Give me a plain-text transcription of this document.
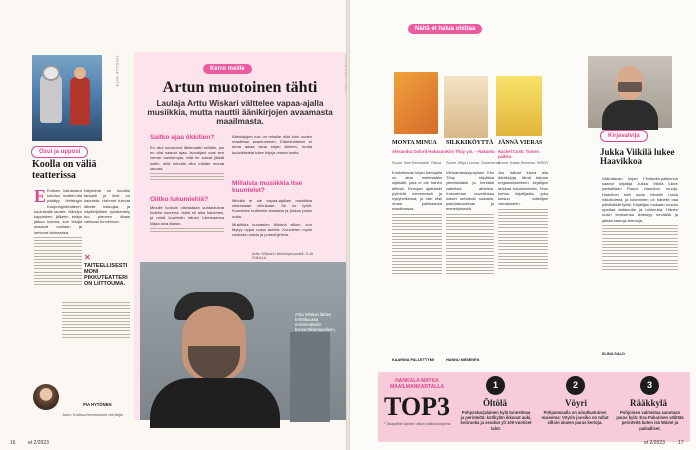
Osui ja upposi
Koolla on väliä teatterissa
E Entisen lukiolaisen kotoisa teatteri-ilta päättyy Helsingin Kaupunginteatterin kuuluisalle lavalle. Nähdyn kappaleen jälkeen esitys jatkuu kotona, kun tekijät avaavat rooliaan ja kertovat tarinaansa.
Näytelmä on kuvattu tarkasti ja kieli on kaunista. Hahmot tulevat lähelle katsojaa, ja näyttelijöiden työskentely tuo pieneen tilaan valtavan tunnelman.
✕ TAITEELLISESTI MONI PIKKUTEATTERI ON LIITTOUMA.
PIA HYTÖNEN
Juttu: Kulttuuriseminaarin vierailija
TOISILLE MITÄ	Kerro meille
Artun muotoinen tähti
Laulaja Arttu Wiskari välttelee vapaa-ajalla musiikkia, mutta nauttii äänikirjojen avaamasta maailmasta.
Saitko ajaa ökkitien?
En ollut suostunut lähtemään mökille, jos en olisi saanut ajaa. Isovaljani ovat sen verran vanhempia, että he saivat jäädä kotiin, eikä minulla ollut mitään muuta seuraa.
Olitko lukumiehiä?
Minulle luokuin oikeastaan suhtautuivat todella nuorena. Isäni oli aika lukumies, ja minä kuuntelin hänen lukemaansa kirjaa aina iltaisin.
Äänikirjojen tulo on minulle ollut kuin uuden maailman avautuminen. Elämäntilanne ei anna aikaa istua kirjan ääreen, mutta kuulokkeista tulee kirjoja monta tuntia.
Millaista musiikkia itse kuuntelet?
Minulla ei ole vapaa-ajallani musiikkia oikeastaan ollenkaan. Se on työtä. Kuuntelen kuitenkin klassista ja joskus jotain uutta.
Musiikkia kuuntelen lähinnä silloin, kun täytyy oppia uusia asioita. Kuuntelen myös radiosta uutisia ja puheohjelmia.
Arttu Wiskarin äänikirjasuosikit: ILJA SIIKALA
Arttu Wiskari lähtee helmikuussa ensimmäiselle konserttikiertueelleen.
16 et 2/2023
Näitä et halua ohittaa
MONTA MINUA
Alexandra Oxford Hakasuo
Suom. Sari Karhulahti. Otava
Koskettavan kirjan kertojalla on aina mielessään sijaisäiti, joka ei ole hänen äitinsä. Kertojan ajatukset pyörivät menneessä ja nykyhetkessä, ja hän etsii omaa paikkaansa maailmassa.
KAARINA PALLETTYMI
SILKKIKÖYTTÄ
Kim Thúy ym. – Rakastu
Suom. Mirja Luoma. Gummerus
Vietnamilaissyntyinen Kim Thúy kirjoittaa ytimekkäästi ja herkästi vaikeista aiheista. Kokoelman novelleissa naiset selviävät sodasta, pakolaisuudesta ja menetyksestä.
HANNU NIEMINEN
JÄNNÄ VIERAS
Rachel Cusk: Toinen paikka
Suom. Kaisa Sivenius. WSOY
Jos haluat lukea alla äänikirjoja, tämä tarjoaa englanninkielisen kirjailijan tarkkaa havainnointia. Teos kertoo kirjailijasta, joka kutsuu taiteilijan vieraakseen.
Kirjavalvija
Jukka Viikilä lukee Haavikkoa
Vaikuttavan kirjan Finlandia-palkinnon saanut kirjailija Jukka Viikilä lukee parhaillaan Paavo Haavikon runoja. Haavikon kieli avaa hänelle uusia näkökulmia, ja lukeminen on hänelle osa päivittäistä työtä. Kirjailijan mukaan runous opettaa tarkkuutta ja rohkeutta. Hänen uusin teoksensa ilmestyy keväällä ja jatkaa samoja teemoja.
ELINA SALO
HANKALA MATKA MAAILMANKARTALLA
TOP3
* Tasapelille kahden viikon kulttuuriohjelma
1
Öltölä
Pohjoiskarjalainen kylä tunnelmaa ja perinteitä: kotikylän ikkunat auki, kotiruoka ja seudun yli 100-vuotiset talot.
2
Vöyri
Pohjanmaalla on ainutlaatuinen maisema: Vöyrin jousiko on tullut silloin alueen paras kertoja.
3
Rääkkylä
Pohjoinen valmistaa sanotaan paras kylä: Esa Pakarinen välittää perinteitä kuten isä Wäinö ja paikalliset.
et 2/2023	17
